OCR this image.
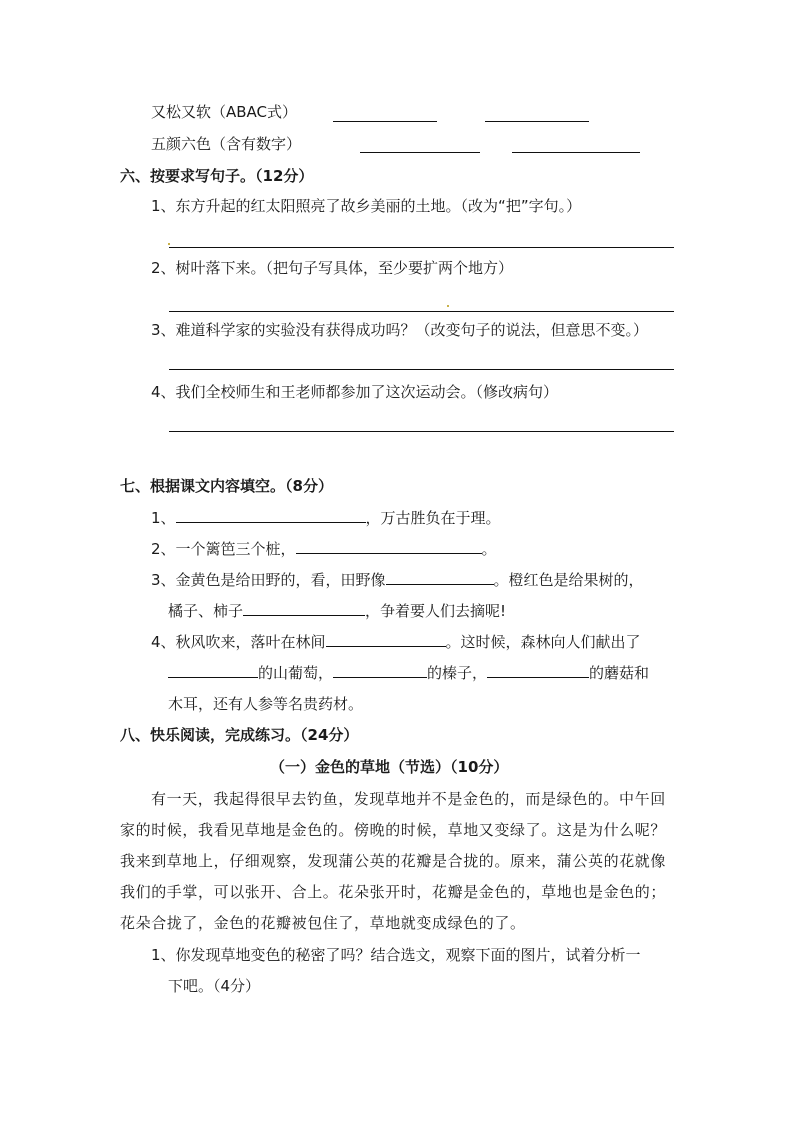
又松又软（ABAC式）
五颜六色（含有数字）
六、按要求写句子。（12分）
1、东方升起的红太阳照亮了故乡美丽的土地。（改为“把”字句。）
2、树叶落下来。（把句子写具体，至少要扩两个地方）
3、难道科学家的实验没有获得成功吗？（改变句子的说法，但意思不变。）
4、我们全校师生和王老师都参加了这次运动会。（修改病句）
七、根据课文内容填空。（8分）
1、	，万古胜负在于理。
2、一个篱笆三个桩，	。
3、金黄色是给田野的，看，田野像	。橙红色是给果树的，
橘子、柿子	，争着要人们去摘呢!
4、秋风吹来，落叶在林间	。这时候，森林向人们献出了
的山葡萄，	的榛子，	的蘑菇和
木耳，还有人参等名贵药材。
八、快乐阅读，完成练习。（24分）
（一）金色的草地（节选）（10分）
有一天，我起得很早去钓鱼，发现草地并不是金色的，而是绿色的。中午回
家的时候，我看见草地是金色的。傍晚的时候，草地又变绿了。这是为什么呢？
我来到草地上，仔细观察，发现蒲公英的花瓣是合拢的。原来，蒲公英的花就像
我们的手掌，可以张开、合上。花朵张开时，花瓣是金色的，草地也是金色的；
花朵合拢了，金色的花瓣被包住了，草地就变成绿色的了。
1、你发现草地变色的秘密了吗？结合选文，观察下面的图片，试着分析一
下吧。（4分）
